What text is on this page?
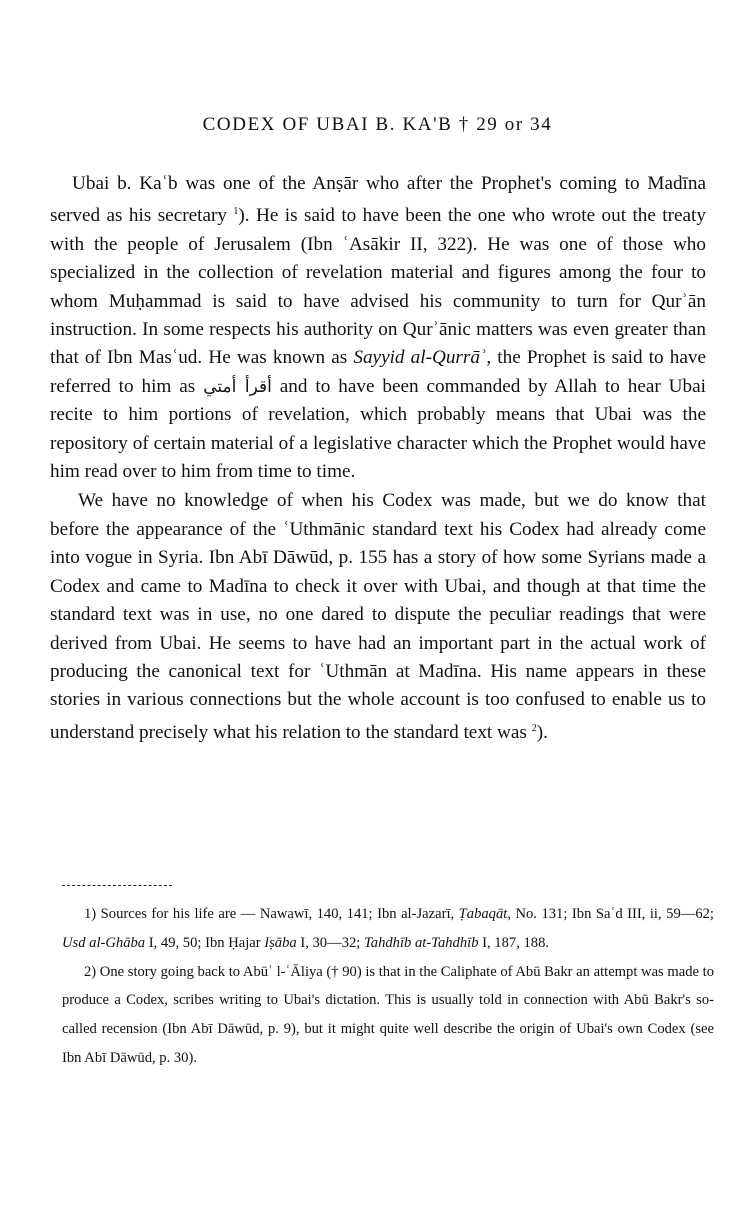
CODEX OF UBAI B. KA'B † 29 or 34

Ubai b. Kaʿb was one of the Anṣār who after the Prophet's coming to Madīna served as his secretary $^1$). He is said to have been the one who wrote out the treaty with the people of Jerusalem (Ibn ʿAsākir II, 322). He was one of those who specialized in the collection of revelation material and figures among the four to whom Muḥammad is said to have advised his community to turn for Qurʾān instruction. In some respects his authority on Qurʾānic matters was even greater than that of Ibn Masʿud. He was known as Sayyid al-Qurrāʾ, the Prophet is said to have referred to him as أقرأ أمتي and to have been commanded by Allah to hear Ubai recite to him portions of revelation, which probably means that Ubai was the repository of certain material of a legislative character which the Prophet would have him read over to him from time to time.

We have no knowledge of when his Codex was made, but we do know that before the appearance of the ʿUthmānic standard text his Codex had already come into vogue in Syria. Ibn Abī Dāwūd, p. 155 has a story of how some Syrians made a Codex and came to Madīna to check it over with Ubai, and though at that time the standard text was in use, no one dared to dispute the peculiar readings that were derived from Ubai. He seems to have had an important part in the actual work of producing the canonical text for ʿUthmān at Madīna. His name appears in these stories in various connections but the whole account is too confused to enable us to understand precisely what his relation to the standard text was $^2$).

1) Sources for his life are — Nawawī, 140, 141; Ibn al-Jazarī, Ṭabaqāt, No. 131; Ibn Saʿd III, ii, 59—62; Usd al-Ghāba I, 49, 50; Ibn Ḥajar Iṣāba I, 30—32; Tahdhīb at-Tahdhīb I, 187, 188.

2) One story going back to Abūʾ l-ʿĀliya († 90) is that in the Caliphate of Abū Bakr an attempt was made to produce a Codex, scribes writing to Ubai's dictation. This is usually told in connection with Abū Bakr's so-called recension (Ibn Abī Dāwūd, p. 9), but it might quite well describe the origin of Ubai's own Codex (see Ibn Abī Dāwūd, p. 30).
